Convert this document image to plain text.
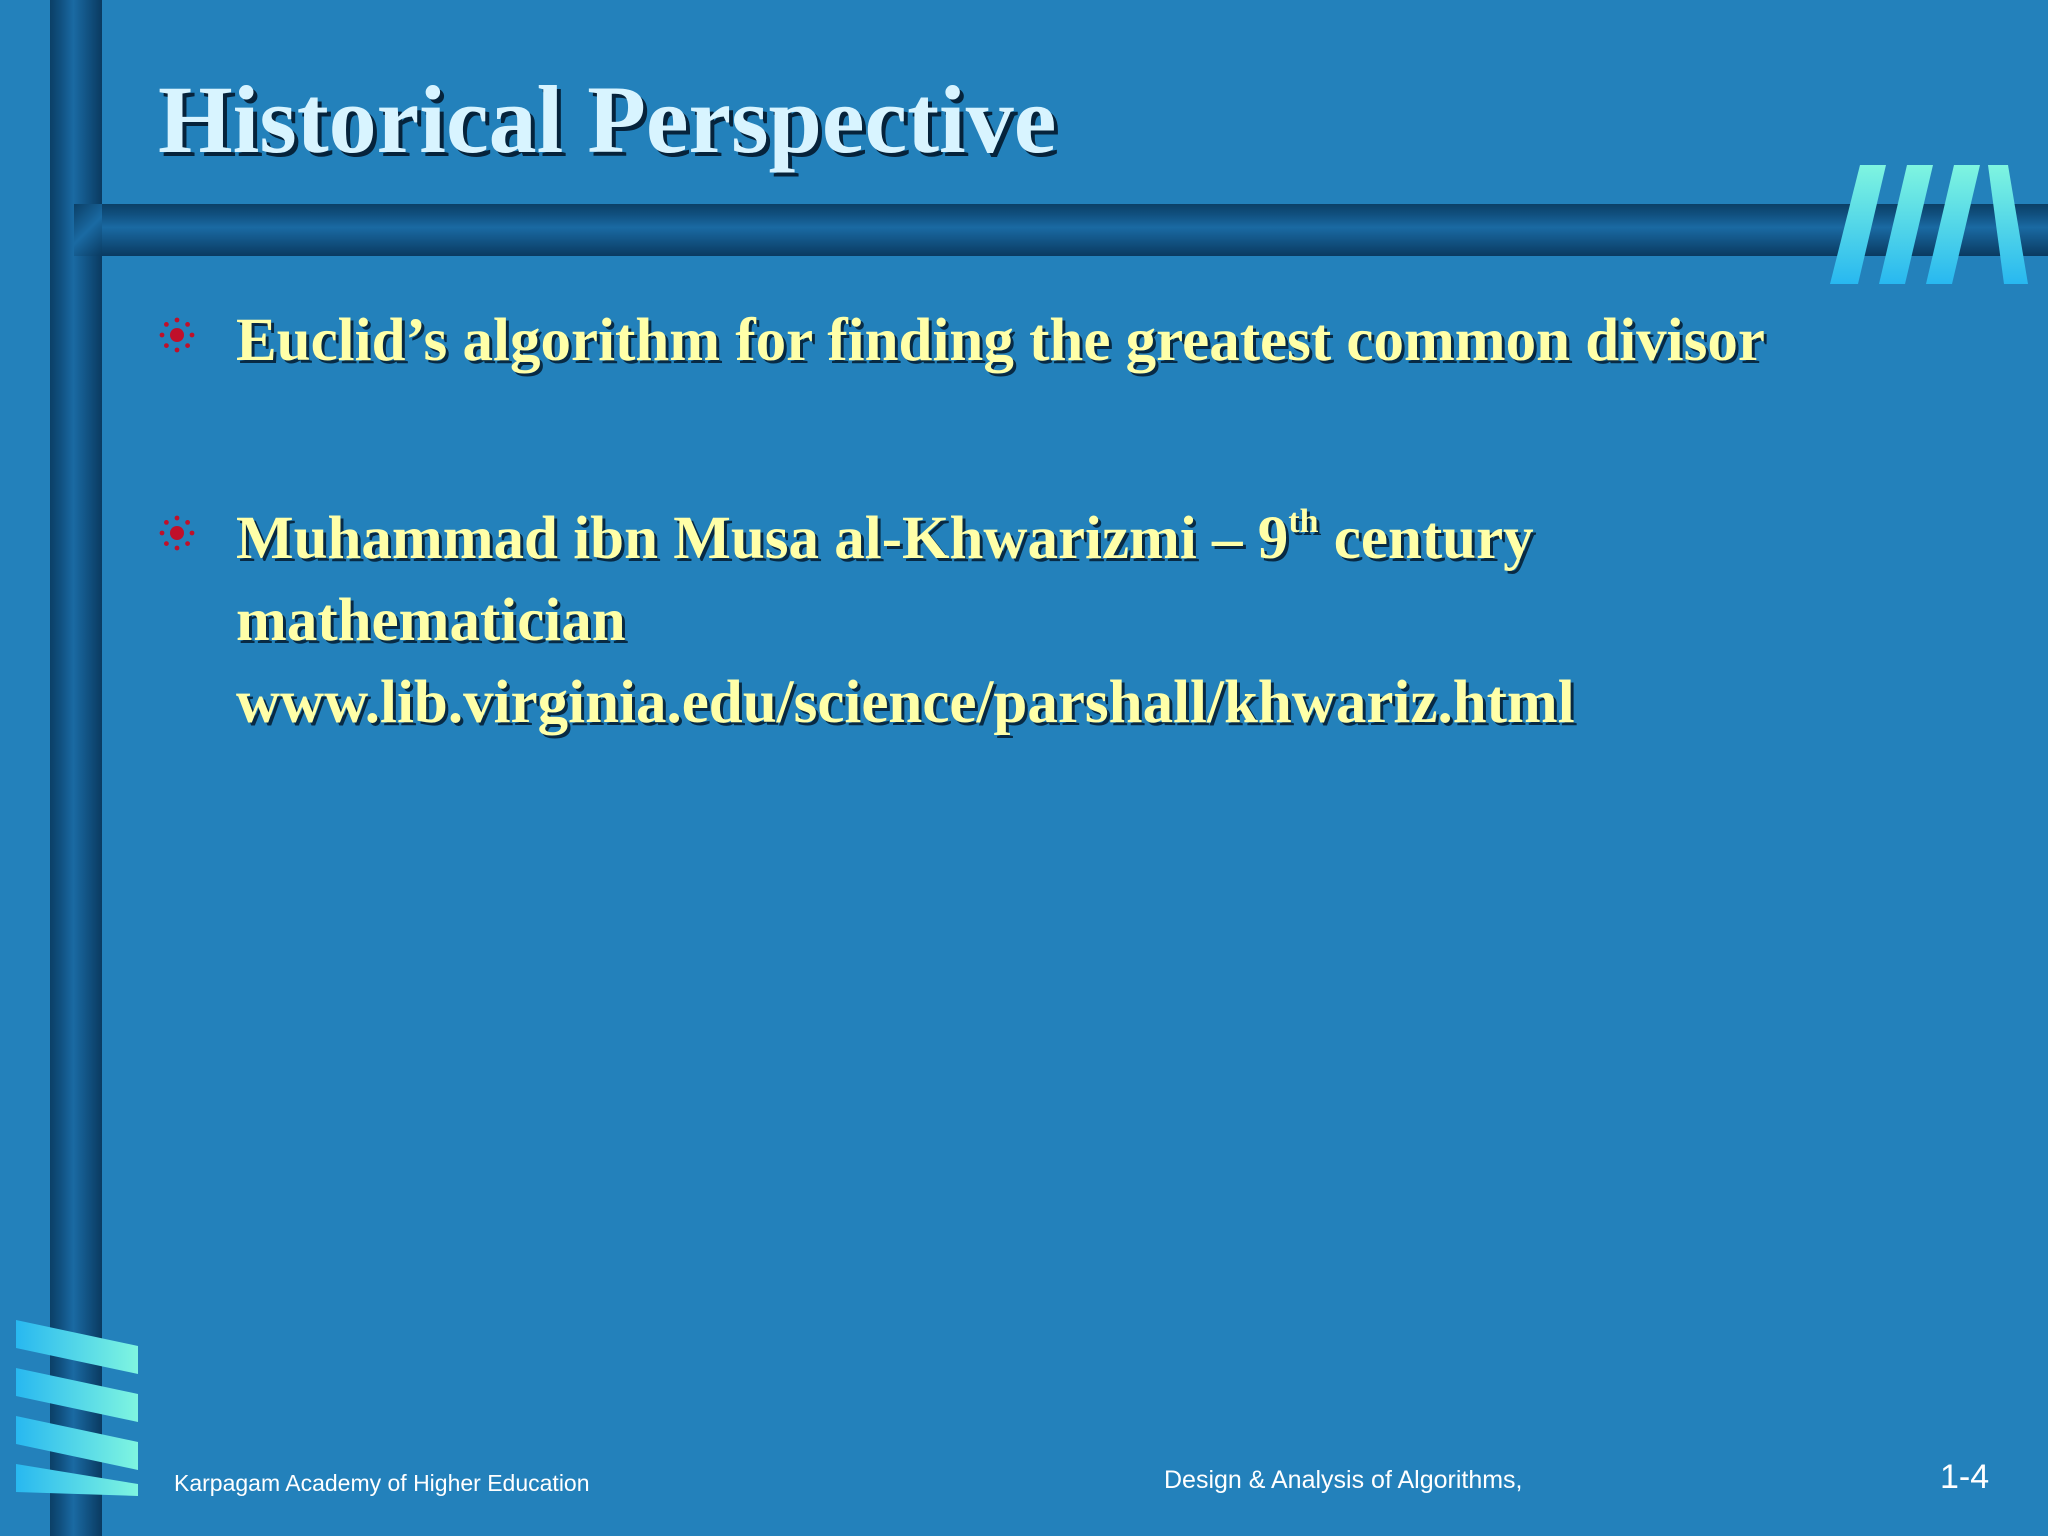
Historical Perspective
Euclid’s algorithm for finding the greatest common divisor
Muhammad ibn Musa al-Khwarizmi – 9th century
mathematician
www.lib.virginia.edu/science/parshall/khwariz.html
Karpagam Academy of Higher Education	Design & Analysis of Algorithms,	1-4
